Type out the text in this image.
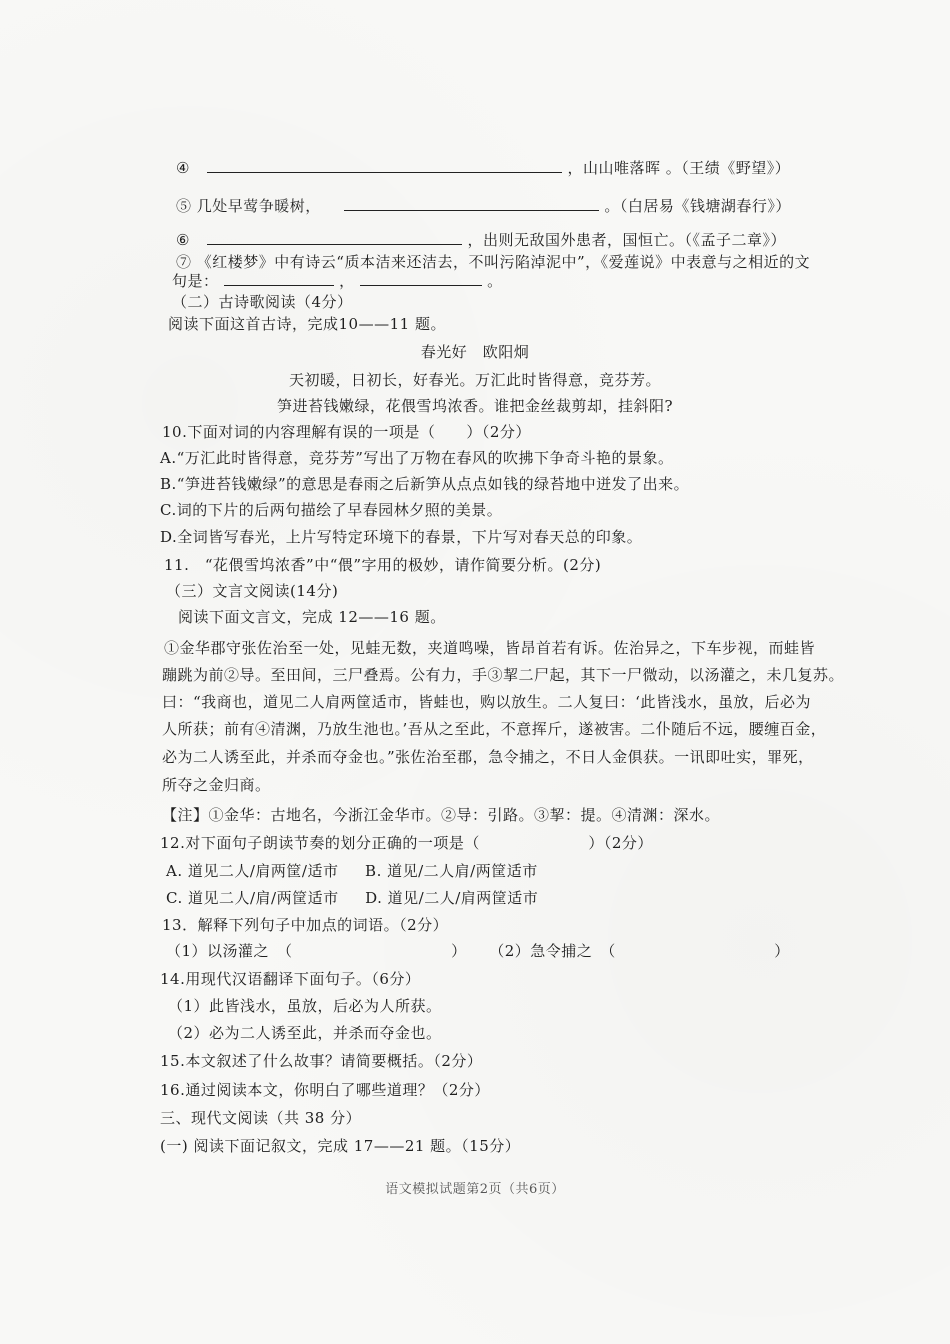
④	，山山唯落晖 。（王绩《野望》）
⑤ 几处早莺争暖树，	。（白居易《钱塘湖春行》）
⑥	，出则无敌国外患者，国恒亡。（《孟子二章》）
⑦ 《红楼梦》中有诗云“质本洁来还洁去，不叫污陷淖泥中”，《爱莲说》中表意与之相近的文
句是：	，	。
（二）古诗歌阅读（4分）
阅读下面这首古诗，完成10——11 题。
春光好　欧阳炯
天初暖，日初长，好春光。万汇此时皆得意，竞芬芳。
笋进苔钱嫩绿，花偎雪坞浓香。谁把金丝裁剪却，挂斜阳?
10.下面对词的内容理解有误的一项是（　　）（2分）
A.“万汇此时皆得意，竞芬芳”写出了万物在春风的吹拂下争奇斗艳的景象。
B.“笋进苔钱嫩绿”的意思是春雨之后新笋从点点如钱的绿苔地中迸发了出来。
C.词的下片的后两句描绘了早春园林夕照的美景。
D.全词皆写春光，上片写特定环境下的春景，下片写对春天总的印象。
11.　“花偎雪坞浓香”中“偎”字用的极妙，请作简要分析。(2分)
（三）文言文阅读(14分)
阅读下面文言文，完成 12——16 题。
①金华郡守张佐治至一处，见蛙无数，夹道鸣噪，皆昂首若有诉。佐治异之，下车步视，而蛙皆
蹦跳为前②导。至田间，三尸叠焉。公有力，手③挈二尸起，其下一尸微动，以汤灌之，未几复苏。
曰：“我商也，道见二人肩两筐适市，皆蛙也，购以放生。二人复曰：‘此皆浅水，虽放，后必为
人所获；前有④清渊，乃放生池也。’吾从之至此，不意挥斤，遂被害。二仆随后不远，腰缠百金，
必为二人诱至此，并杀而夺金也。”张佐治至郡，急令捕之，不日人金俱获。一讯即吐实，罪死，
所夺之金归商。
【注】①金华：古地名，今浙江金华市。②导：引路。③挈：提。④清渊：深水。
12.对下面句子朗读节奏的划分正确的一项是（　　　　　　　）（2分）
A. 道见二人/肩两筐/适市 B. 道见/二人肩/两筐适市
C. 道见二人/肩/两筐适市 D. 道见/二人/肩两筐适市
13．解释下列句子中加点的词语。（2分）
（1）以汤灌之　（	） （2）急令捕之　（	）
14.用现代汉语翻译下面句子。（6分）
（1）此皆浅水，虽放，后必为人所获。
（2）必为二人诱至此，并杀而夺金也。
15.本文叙述了什么故事？请简要概括。（2分）
16.通过阅读本文，你明白了哪些道理？（2分）
三、现代文阅读（共 38 分）
(一) 阅读下面记叙文，完成 17——21 题。（15分）
语文模拟试题第2页（共6页）
